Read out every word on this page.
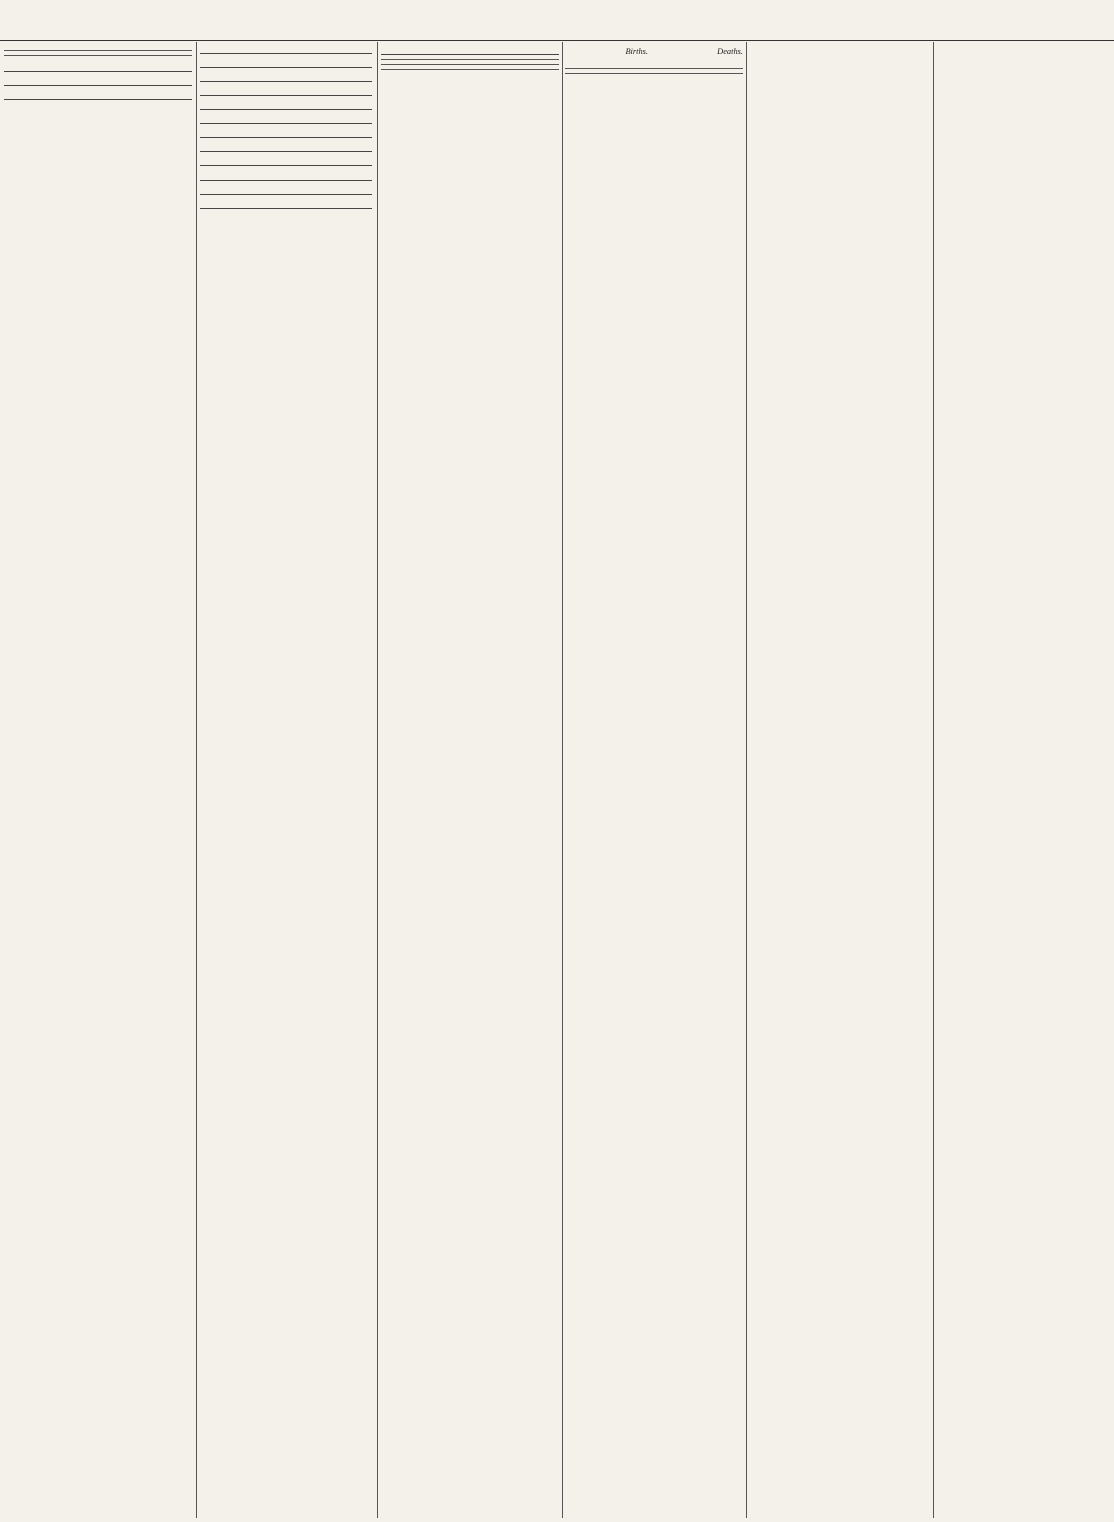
	Births.	Deaths.
